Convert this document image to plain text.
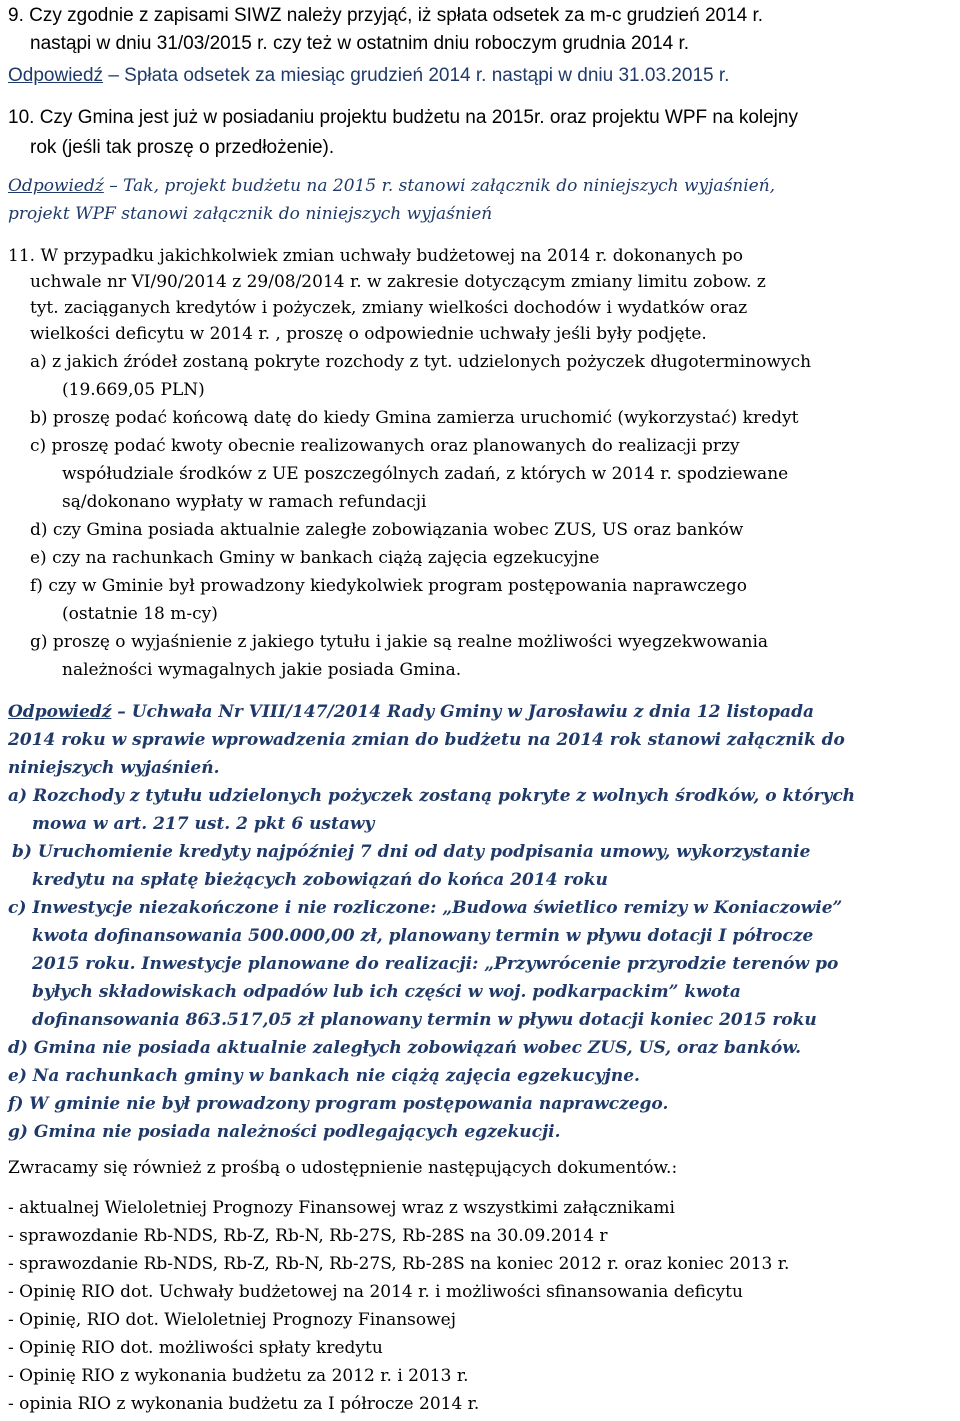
9. Czy zgodnie z zapisami SIWZ należy przyjąć, iż spłata odsetek za m-c grudzień 2014 r.
nastąpi w dniu 31/03/2015 r. czy też w ostatnim dniu roboczym grudnia 2014 r.
Odpowiedź – Spłata odsetek za miesiąc grudzień 2014 r. nastąpi w dniu 31.03.2015 r.
10. Czy Gmina jest już w posiadaniu projektu budżetu na 2015r. oraz projektu WPF na kolejny
rok (jeśli tak proszę o przedłożenie).
Odpowiedź – Tak, projekt budżetu na 2015 r. stanowi załącznik do niniejszych wyjaśnień,
projekt WPF stanowi załącznik do niniejszych wyjaśnień
11. W przypadku jakichkolwiek zmian uchwały budżetowej na 2014 r. dokonanych po
uchwale nr VI/90/2014 z 29/08/2014 r. w zakresie dotyczącym zmiany limitu zobow. z
tyt. zaciąganych kredytów i pożyczek, zmiany wielkości dochodów i wydatków oraz
wielkości deficytu w 2014 r. , proszę o odpowiednie uchwały jeśli były podjęte.
a) z jakich źródeł zostaną pokryte rozchody z tyt. udzielonych pożyczek długoterminowych
(19.669,05 PLN)
b) proszę podać końcową datę do kiedy Gmina zamierza uruchomić (wykorzystać) kredyt
c) proszę podać kwoty obecnie realizowanych oraz planowanych do realizacji przy
współudziale środków z UE poszczególnych zadań, z których w 2014 r. spodziewane
są/dokonano wypłaty w ramach refundacji
d) czy Gmina posiada aktualnie zaległe zobowiązania wobec ZUS, US oraz banków
e) czy na rachunkach Gminy w bankach ciążą zajęcia egzekucyjne
f) czy w Gminie był prowadzony kiedykolwiek program postępowania naprawczego
(ostatnie 18 m-cy)
g) proszę o wyjaśnienie z jakiego tytułu i jakie są realne możliwości wyegzekwowania
należności wymagalnych jakie posiada Gmina.
Odpowiedź – Uchwała Nr VIII/147/2014 Rady Gminy w Jarosławiu z dnia 12 listopada
2014 roku w sprawie wprowadzenia zmian do budżetu na 2014 rok stanowi załącznik do
niniejszych wyjaśnień.
a) Rozchody z tytułu udzielonych pożyczek zostaną pokryte z wolnych środków, o których
mowa w art. 217 ust. 2 pkt 6 ustawy
b) Uruchomienie kredyty najpóźniej 7 dni od daty podpisania umowy, wykorzystanie
kredytu na spłatę bieżących zobowiązań do końca 2014 roku
c) Inwestycje niezakończone i nie rozliczone: „Budowa świetlico remizy w Koniaczowie”
kwota dofinansowania 500.000,00 zł, planowany termin w pływu dotacji I półrocze
2015 roku. Inwestycje planowane do realizacji: „Przywrócenie przyrodzie terenów po
byłych składowiskach odpadów lub ich części w woj. podkarpackim” kwota
dofinansowania 863.517,05 zł planowany termin w pływu dotacji koniec 2015 roku
d) Gmina nie posiada aktualnie zaległych zobowiązań wobec ZUS, US, oraz banków.
e) Na rachunkach gminy w bankach nie ciążą zajęcia egzekucyjne.
f) W gminie nie był prowadzony program postępowania naprawczego.
g) Gmina nie posiada należności podlegających egzekucji.
Zwracamy się również z prośbą o udostępnienie następujących dokumentów.:
- aktualnej Wieloletniej Prognozy Finansowej wraz z wszystkimi załącznikami
- sprawozdanie Rb-NDS, Rb-Z, Rb-N, Rb-27S, Rb-28S na 30.09.2014 r
- sprawozdanie Rb-NDS, Rb-Z, Rb-N, Rb-27S, Rb-28S na koniec 2012 r. oraz koniec 2013 r.
- Opinię RIO dot. Uchwały budżetowej na 2014 r. i możliwości sfinansowania deficytu
- Opinię, RIO dot. Wieloletniej Prognozy Finansowej
- Opinię RIO dot. możliwości spłaty kredytu
- Opinię RIO z wykonania budżetu za 2012 r. i 2013 r.
- opinia RIO z wykonania budżetu za I półrocze 2014 r.
